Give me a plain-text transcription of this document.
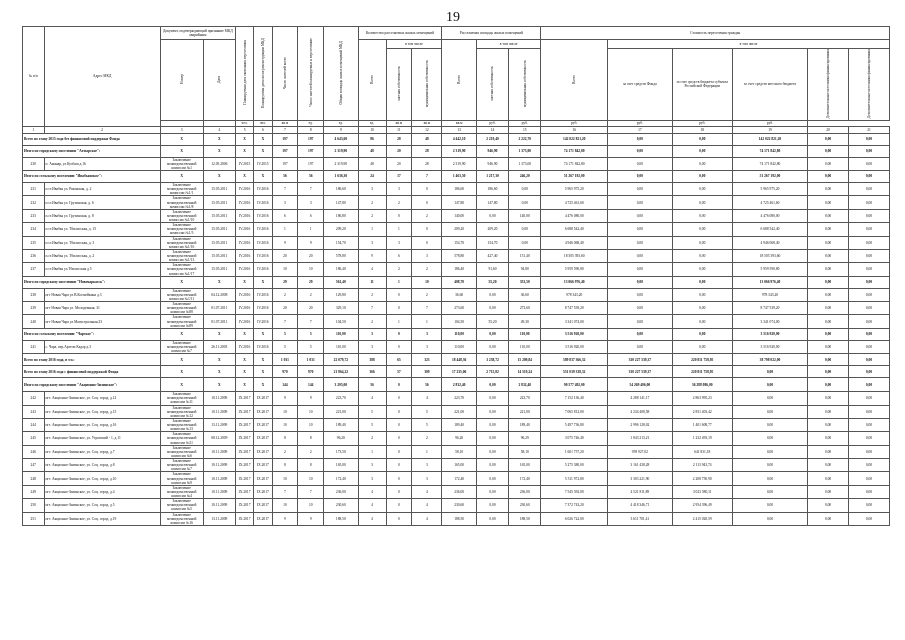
19
№ п/п	Адрес МКД	Документ, подтверждающий признание МКД аварийным		Планируемая дата окончания переселения	Планируемая дата сноса/реконструкции МКД	Число жителей всего	Число жителей планируемых к переселению	Общая площадь жилых помещений МКД	Количество расселяемых жилых помещений			Расселяемая площадь жилых помещений			Стоимость переселения граждан					
		Номер	Дата						Всего	в том числе		Всего	в том числе		Всего	в том числе				
										частная собственность	муниципальная собственность		частная собственность	муниципальная собственность		за счет средств Фонда	за счет средств бюджета субъекта Российской Федерации	за счет средств местного бюджета	Дополнительные источники финансирования	Дополнительные источники финансирования
				чел.	чел.	кв.м	ед.	ед.	ед.	кв.м	кв.м	кв.м	руб.	руб.	руб.	руб.	руб.	руб.		
1	2	3	4	5	6	7	8	9	10	11	12	13	14	15	16	17	18	19	20	21
Всего по этапу 2015 года без финансовой поддержки Фонда		X	X	X	X	197	197	4 643,60	86	28	48	4 442,10	2 219,40	2 222,70	142 022 821,20	0,00	0,00	142 022 821,20	0,00	0,00
Итого по городскому поселению "Ахтырское":		X	X	X	X	197	197	2 319,90	48	20	28	2 319,90	946,90	1 373,00	74 171 842,80	0,00	0,00	74 171 842,80	0,00	0,00
230	п. Аманар, ул.Кузбаш д.16	Заключение межведомственной комиссии №1	12.05.2006	IV.2015	IV.2015	197	197	2 319,90	48	20	28	2 319,90	946,90	1 373,00	74 171 842,80	0,00	0,00	74 171 842,80	0,00	0,00
Итого по сельскому поселению "Ивабьянское":		X	X	X	X	56	56	1 636,30	24	17	7	1 463,50	1 217,30	246,20	51 267 192,00	0,00	0,00	51 267 192,00	0,00	0,00
231	п.ст.Ивабья ул. Рязанская, д. 2	Заключение межведомственной комиссии №1/1	15.05.2011	IV.2016	IV.2016	7	7	186,60	3	3	0	186,60	186,60	0,00	5 965 975,20	0,00	0,00	5 965 975,20	0,00	0,00
232	п.ст.Ивабья ул. Грузинская, д. 6	Заключение межведомственной комиссии №1/8	15.05.2011	IV.2016	IV.2016	3	3	147,80	2	2	0	147,80	147,80	0,00	4 725 461,60	0,00	0,00	4 725 461,60	0,00	0,00
233	п.ст.Ивабья ул. Грузинская, д. 8	Заключение межведомственной комиссии №1/10	15.05.2011	IV.2016	IV.2016	6	6	186,80	2	0	2	140,00	0,00	140,00	4 476 080,00	0,00	0,00	4 476 080,00	0,00	0,00
234	п.ст.Ивабья ул. Тбилисская, д. 15	Заключение межведомственной комиссии №1/3	15.05.2011	IV.2016	IV.2016	1	1	209,20	1	1	0	209,20	209,20	0,00	6 688 542,40	0,00	0,00	6 688 542,40	0,00	0,00
235	п.ст.Ивабья ул. Тбилисская, д. 3	Заключение межведомственной комиссии №1/16	15.05.2011	IV.2016	IV.2016	9	9	154,70	3	3	0	154,70	154,70	0,00	4 946 068,40	0,00	0,00	4 946 068,40	0,00	0,00
236	п.ст.Ивабья ул. Тбилисская, д. 2	Заключение межведомственной комиссии №1/13	15.05.2011	IV.2016	IV.2016	20	20	578,80	9	6	3	578,80	427,40	151,40	18 505 393,60	0,00	0,00	18 505 393,60	0,00	0,00
237	п.ст.Ивабья ул.Тбилисская д.5	Заключение межведомственной комиссии №1/17	15.05.2011	IV.2016	IV.2016	10	10	186,40	4	2	2	186,40	91,60	94,80	5 959 590,80	0,00	0,00	5 959 590,80	0,00	0,00
Итого по городскому поселению "Новочаркасск":		X	X	X	X	29	29	561,40	11	1	10	408,70	55,20	353,50	13 066 976,40	0,00	0,00	13 066 976,40	0,00	0,00
238	пгт Новая Чара ул.В.Космейкина д.3	Заключение межведомственной комиссии №1/11	04.12.2008	IV.2016	IV.2016	2	2	129,80	2	0	2	36,60	0,00	36,60	978 343,20	0,00	0,00	978 343,20	0,00	0,00
239	пгт Новая Чара ул. Молодежная, 31	Заключение межведомственной комиссии №88	01.07.2011	IV.2016	IV.2016	20	20	329,10	7	0	7	273,60	0,00	273,60	8 747 539,20	0,00	0,00	8 747 539,20	0,00	0,00
240	пгт Новая Чара ул.Магистральная,33	Заключение межведомственной комиссии №89	01.07.2011	IV.2016	IV.2016	7	7	104,50	2	1	1	104,50	55,20	49,30	3 341 074,00	0,00	0,00	3 341 074,00	0,00	0,00
Итого по сельскому поселению "Чарское":		X	X	X	X	5	5	110,00	3	0	3	110,00	0,00	110,00	3 516 920,00	0,00	0,00	3 516 920,00	0,00	0,00
241	с. Чара, пер.Артели Кадар д.3	Заключение межведомственной комиссии №7	26.11.2003	IV.2016	IV.2016	5	5	110,00	3	0	3	110,00	0,00	110,00	3 516 920,00	0,00	0,00	3 516 920,00	0,00	0,00
Всего по этапу 2016 года, в т.ч.:		X	X	X	X	1 031	1 031	22 079,72	388	65	323	18 448,36	3 238,72	15 209,84	589 837 366,32	330 227 539,37	220 811 758,95	38 798 022,00	0,00	0,00
Всего по этапу 2016 года с финансовой поддержкой Фонда		X	X	X	X	970	970	21 864,22	366	57	309	17 235,06	2 715,82	14 519,24	551 039 338,32	330 227 539,37	220 811 758,95	0,00	0,00	0,00
Итого по городскому поселению "Акционно-Зилинское":		X	X	X	X	144	144	3 205,00	56	0	56	2 832,40	0,00	2 832,40	90 577 492,00	54 269 406,00	36 288 086,00	0,00	0,00	0,00
242	пгт. Акционно-Зилинское, ул. Соц. город, д.12	Заключение межведомственной комиссии №11	10.11.2009	IX.2017	IX.2017	9	9	223,70	4	0	4	223,70	0,00	223,70	7 152 136,40	4 288 141,17	2 863 995,23	0,00	0,00	0,00
243	пгт. Акционно-Зилинское, ул. Соц. город, д.15	Заключение межведомственной комиссии №12	10.11.2009	IX.2017	IX.2017	10	10	221,00	5	0	5	221,00	0,00	221,00	7 065 812,00	4 234 408,58	2 831 403,42	0,00	0,00	0,00
244	пгт. Акционно-Зилинское, ул. Соц. город, д.16	Заключение межведомственной комиссии №13	13.11.2009	IX.2017	IX.2017	10	10	189,40	5	0	5	189,40	0,00	189,40	5 497 736,80	2 996 128,02	1 401 608,77	0,00	0,00	0,00
245	пгт. Акционно-Зилинское, ул. Угровский - 1, д.11	Заключение межведомственной комиссии №31	08.12.2009	IX.2017	IX.2017	8	8	96,20	2	0	2	96,20	0,00	96,29	3 075 746,40	1 843 213,21	1 232 493,19	0,00	0,00	0,00
246	пгт. Акционно-Зилинское, ул. Соц. город, д.7	Заключение межведомственной комиссии №6	10.11.2009	IX.2017	IX.2017	2	2	173,50	1	0	1	58,10	0,00	58,10	1 601 757,20	959 927,02	641 831,18	0,00	0,00	0,00
247	пгт. Акционно-Зилинское, ул. Соц. город, д.8	Заключение межведомственной комиссии №7	10.11.2009	IX.2017	IX.2017	8	8	165,00	3	0	3	165,00	0,00	165,00	5 275 380,00	3 161 438,28	2 113 943,74	0,00	0,00	0,00
248	пгт. Акционно-Зилинское, ул. Соц. город, д.10	Заключение межведомственной комиссии №9	10.11.2009	IX.2017	IX.2017	10	10	172,40	3	0	3	172,40	0,00	172,40	5 511 972,80	3 303 221,90	2 208 750,90	0,00	0,00	0,00
249	пгт. Акционно-Зилинское, ул. Соц. город, д.4	Заключение межведомственной комиссии №4	10.11.2009	IX.2017	IX.2017	7	7	236,00	4	0	4	236,00	0,00	236,00	7 545 392,00	4 521 811,89	3 023 580,11	0,00	0,00	0,00
250	пгт. Акционно-Зилинское, ул. Соц. город, д.5	Заключение межведомственной комиссии №5	10.11.2009	IX.2017	IX.2017	10	10	230,60	4	0	4	230,60	0,00	230,60	7 372 743,20	4 418 346,71	2 954 396,49	0,00	0,00	0,00
251	пгт. Акционно-Зилинское, ул. Соц. город, д.19	Заключение межведомственной комиссии №16	13.11.2009	IX.2017	IX.2017	9	9	188,50	4	0	4	188,50	0,00	188,50	6 026 722,00	3 611 701,41	2 415 020,59	0,00	0,00	0,00
